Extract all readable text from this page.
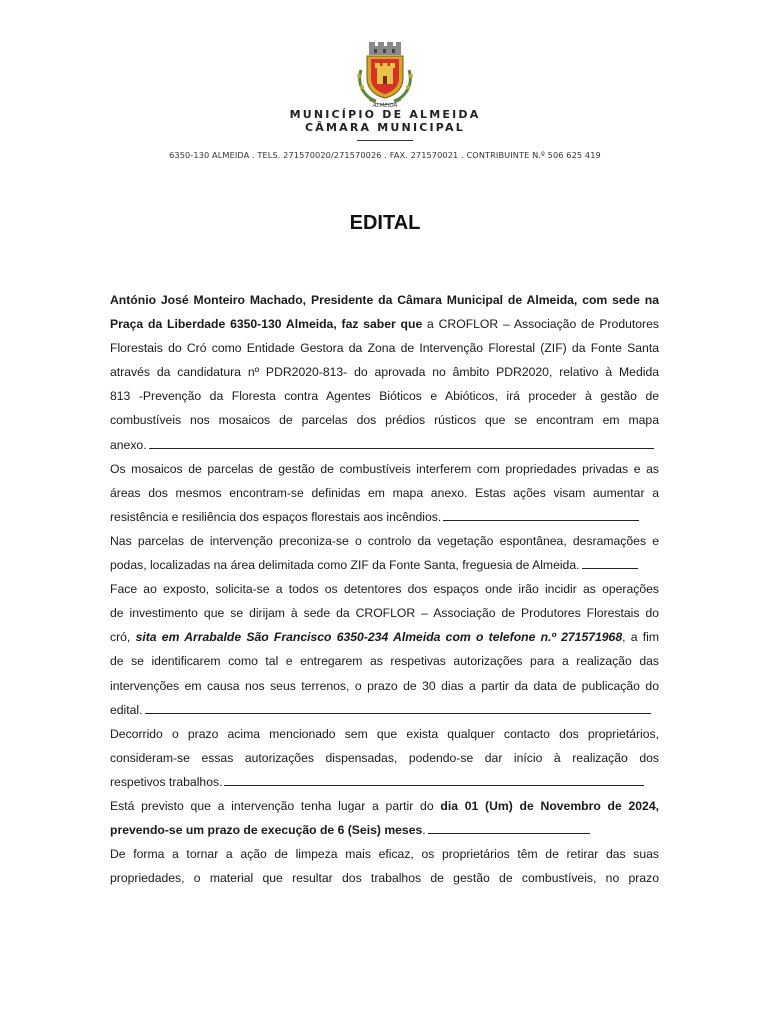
ALMEIDA
MUNICÍPIO DE ALMEIDA
CÂMARA MUNICIPAL
6350-130 ALMEIDA . TELS. 271570020/271570026 . FAX. 271570021 . CONTRIBUINTE N.º 506 625 419
EDITAL
António José Monteiro Machado, Presidente da Câmara Municipal de Almeida, com sede na
Praça da Liberdade 6350-130 Almeida, faz saber que a CROFLOR – Associação de Produtores
Florestais do Cró como Entidade Gestora da Zona de Intervenção Florestal (ZIF) da Fonte Santa
através da candidatura nº PDR2020-813- do aprovada no âmbito PDR2020, relativo à Medida
813 -Prevenção da Floresta contra Agentes Bióticos e Abióticos, irá proceder à gestão de
combustíveis nos mosaicos de parcelas dos prédios rústicos que se encontram em mapa
anexo.
Os mosaicos de parcelas de gestão de combustíveis interferem com propriedades privadas e as
áreas dos mesmos encontram-se definidas em mapa anexo. Estas ações visam aumentar a
resistência e resiliência dos espaços florestais aos incêndios.
Nas parcelas de intervenção preconiza-se o controlo da vegetação espontânea, desramações e
podas, localizadas na área delimitada como ZIF da Fonte Santa, freguesia de Almeida.
Face ao exposto, solicita-se a todos os detentores dos espaços onde irão incidir as operações
de investimento que se dirijam à sede da CROFLOR – Associação de Produtores Florestais do
cró, sita em Arrabalde São Francisco 6350-234 Almeida com o telefone n.º 271571968, a fim
de se identificarem como tal e entregarem as respetivas autorizações para a realização das
intervenções em causa nos seus terrenos, o prazo de 30 dias a partir da data de publicação do
edital.
Decorrido o prazo acima mencionado sem que exista qualquer contacto dos proprietários,
consideram-se essas autorizações dispensadas, podendo-se dar início à realização dos
respetivos trabalhos.
Está previsto que a intervenção tenha lugar a partir do dia 01 (Um) de Novembro de 2024,
prevendo-se um prazo de execução de 6 (Seis) meses.
De forma a tornar a ação de limpeza mais eficaz, os proprietários têm de retirar das suas
propriedades, o material que resultar dos trabalhos de gestão de combustíveis, no prazo
